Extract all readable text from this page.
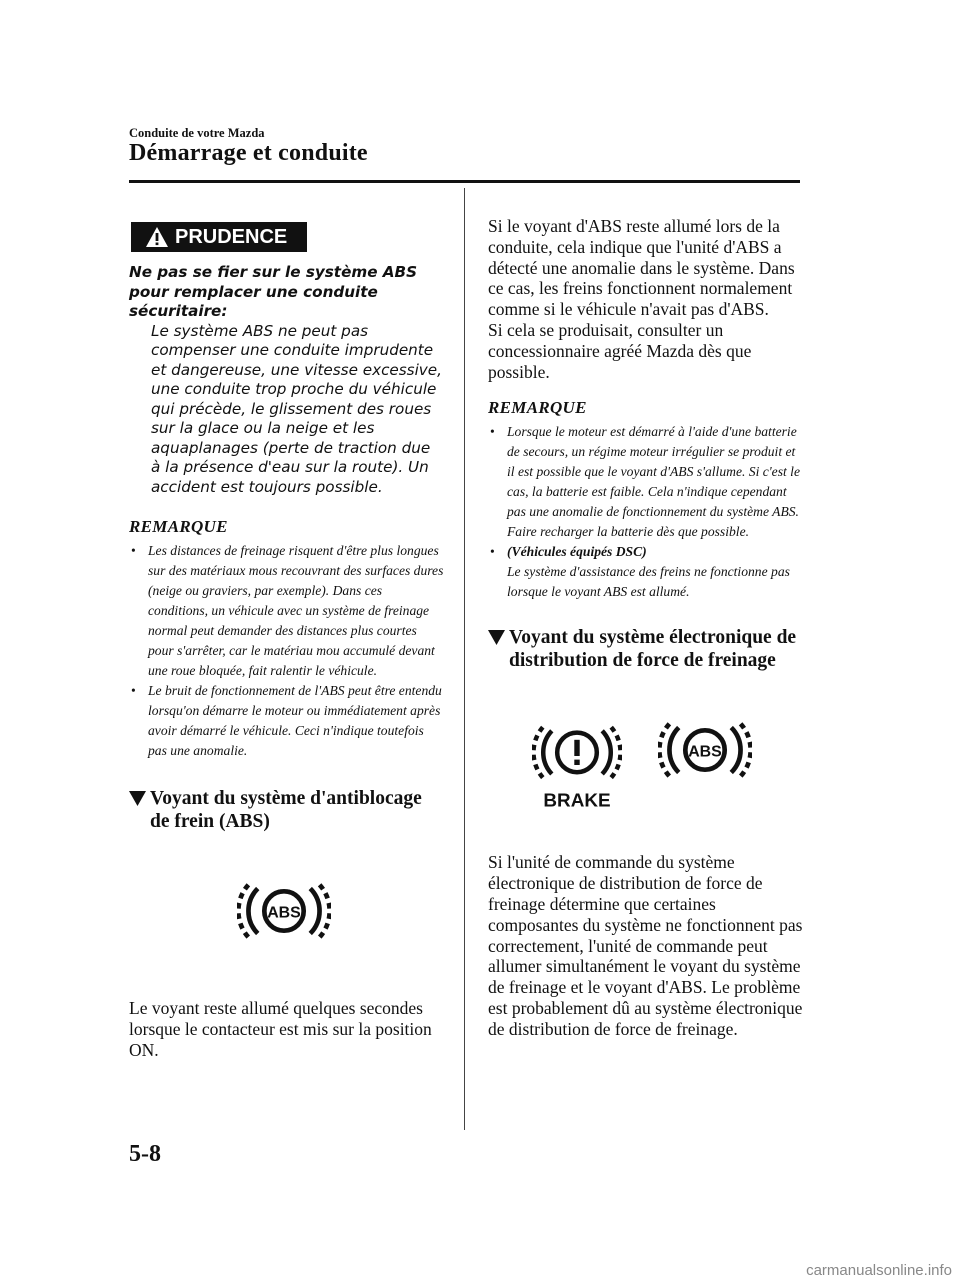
Conduite de votre Mazda
Démarrage et conduite
PRUDENCE
Ne pas se fier sur le système ABS pour remplacer une conduite sécuritaire:
Le système ABS ne peut pas compenser une conduite imprudente et dangereuse, une vitesse excessive, une conduite trop proche du véhicule qui précède, le glissement des roues sur la glace ou la neige et les aquaplanages (perte de traction due à la présence d'eau sur la route). Un accident est toujours possible.
REMARQUE
• Les distances de freinage risquent d'être plus longues sur des matériaux mous recouvrant des surfaces dures (neige ou graviers, par exemple). Dans ces conditions, un véhicule avec un système de freinage normal peut demander des distances plus courtes pour s'arrêter, car le matériau mou accumulé devant une roue bloquée, fait ralentir le véhicule.
• Le bruit de fonctionnement de l'ABS peut être entendu lorsqu'on démarre le moteur ou immédiatement après avoir démarré le véhicule. Ceci n'indique toutefois pas une anomalie.
Voyant du système d'antiblocage de frein (ABS)
ABS
Le voyant reste allumé quelques secondes lorsque le contacteur est mis sur la position ON.
Si le voyant d'ABS reste allumé lors de la conduite, cela indique que l'unité d'ABS a détecté une anomalie dans le système. Dans ce cas, les freins fonctionnent normalement comme si le véhicule n'avait pas d'ABS.
Si cela se produisait, consulter un concessionnaire agréé Mazda dès que possible.
REMARQUE
• Lorsque le moteur est démarré à l'aide d'une batterie de secours, un régime moteur irrégulier se produit et il est possible que le voyant d'ABS s'allume. Si c'est le cas, la batterie est faible. Cela n'indique cependant pas une anomalie de fonctionnement du système ABS.
Faire recharger la batterie dès que possible.
• (Véhicules équipés DSC)
Le système d'assistance des freins ne fonctionne pas lorsque le voyant ABS est allumé.
Voyant du système électronique de distribution de force de freinage
BRAKE
ABS
Si l'unité de commande du système électronique de distribution de force de freinage détermine que certaines composantes du système ne fonctionnent pas correctement, l'unité de commande peut allumer simultanément le voyant du système de freinage et le voyant d'ABS. Le problème est probablement dû au système électronique de distribution de force de freinage.
5-8
carmanualsonline.info
